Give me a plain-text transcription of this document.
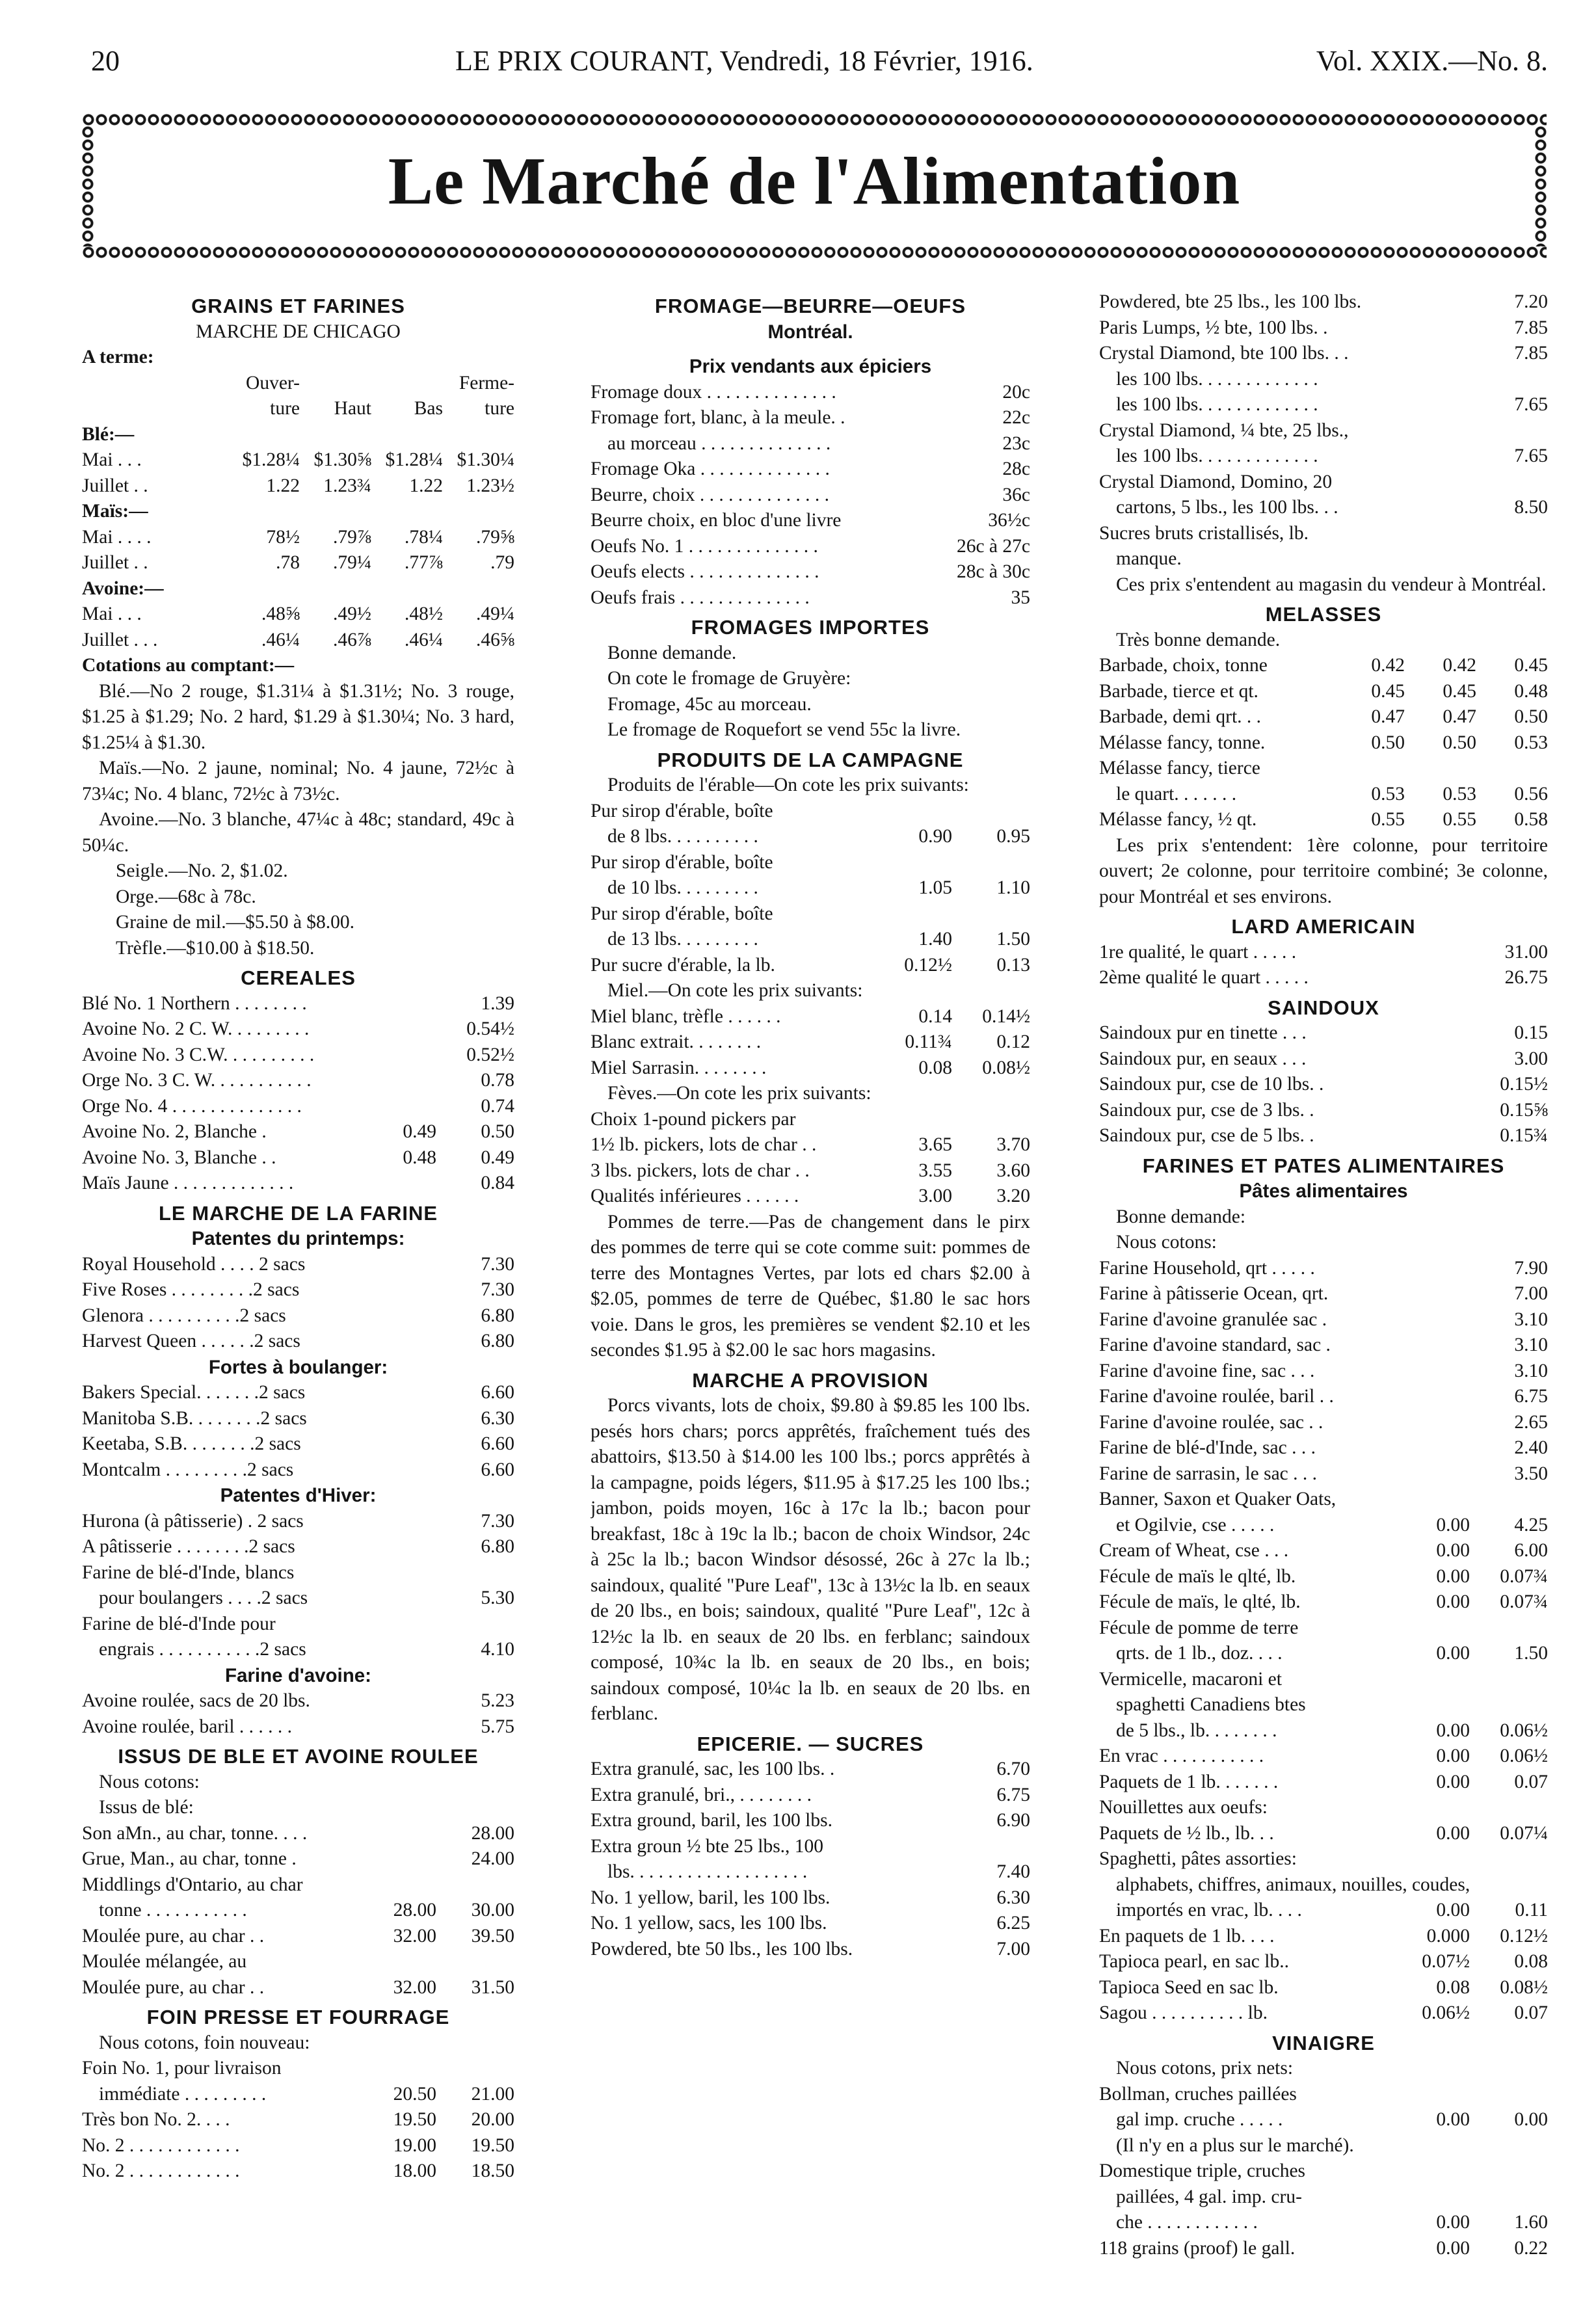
20	LE PRIX COURANT, Vendredi, 18 Février, 1916.	Vol. XXIX.—No. 8.
Le Marché de l'Alimentation
GRAINS ET FARINES
MARCHE DE CHICAGO
A terme:
Ouver-	Ferme-
ture	Haut	Bas	ture
Blé:—
Mai . . .	$1.28¼ $1.30⅝ $1.28¼ $1.30¼
Juillet . .	1.22	1.23¾	1.22	1.23½
Maïs:—
Mai . . . .	78½	.79⅞	.78¼	.79⅝
Juillet . .	.78	.79¼	.77⅞	.79
Avoine:—
Mai . . .	.48⅝	.49½	.48½	.49¼
Juillet . . .	.46¼	.46⅞	.46¼	.46⅝
Cotations au comptant:—
Blé.—No 2 rouge, $1.31¼ à $1.31½; No. 3 rouge, $1.25 à $1.29; No. 2 hard, $1.29 à $1.30¼; No. 3 hard, $1.25¼ à $1.30.
Maïs.—No. 2 jaune, nominal; No. 4 jaune, 72½c à 73¼c; No. 4 blanc, 72½c à 73½c.
Avoine.—No. 3 blanche, 47¼c à 48c; standard, 49c à 50¼c.
Seigle.—No. 2, $1.02.
Orge.—68c à 78c.
Graine de mil.—$5.50 à $8.00.
Trèfle.—$10.00 à $18.50.
CEREALES
Blé No. 1 Northern . . . . . . . .	1.39
Avoine No. 2 C. W. . . . . . . . .	0.54½
Avoine No. 3 C.W. . . . . . . . . .	0.52½
Orge No. 3 C. W. . . . . . . . . . .	0.78
Orge No. 4 . . . . . . . . . . . . . .	0.74
Avoine No. 2, Blanche .	0.49	0.50
Avoine No. 3, Blanche . .	0.48	0.49
Maïs Jaune . . . . . . . . . . . . .	0.84
LE MARCHE DE LA FARINE
Patentes du printemps:
Royal Household . . . . 2 sacs	7.30
Five Roses . . . . . . . . .2 sacs	7.30
Glenora . . . . . . . . . .2 sacs	6.80
Harvest Queen . . . . . .2 sacs	6.80
Fortes à boulanger:
Bakers Special. . . . . . .2 sacs	6.60
Manitoba S.B. . . . . . . .2 sacs	6.30
Keetaba, S.B. . . . . . . .2 sacs	6.60
Montcalm . . . . . . . . .2 sacs	6.60
Patentes d'Hiver:
Hurona (à pâtisserie) . 2 sacs	7.30
A pâtisserie . . . . . . . .2 sacs	6.80
Farine de blé-d'Inde, blancs
pour boulangers . . . .2 sacs	5.30
Farine de blé-d'Inde pour
engrais . . . . . . . . . . .2 sacs	4.10
Farine d'avoine:
Avoine roulée, sacs de 20 lbs.	5.23
Avoine roulée, baril . . . . . .	5.75
ISSUS DE BLE ET AVOINE ROULEE
Nous cotons:
Issus de blé:
Son aMn., au char, tonne. . . .	28.00
Grue, Man., au char, tonne .	24.00
Middlings d'Ontario, au char
tonne . . . . . . . . . . .	28.00	30.00
Moulée pure, au char . .	32.00	39.50
Moulée mélangée, au
Moulée pure, au char . .	32.00	31.50
FOIN PRESSE ET FOURRAGE
Nous cotons, foin nouveau:
Foin No. 1, pour livraison
immédiate . . . . . . . . .	20.50	21.00
Très bon No. 2. . . .	19.50	20.00
No. 2 . . . . . . . . . . . .	19.00	19.50
No. 2 . . . . . . . . . . . .	18.00	18.50
FROMAGE—BEURRE—OEUFS
Montréal.
Prix vendants aux épiciers
Fromage doux . . . . . . . . . . . . . .	20c
Fromage fort, blanc, à la meule. .	22c
au morceau . . . . . . . . . . . . . .	23c
Fromage Oka . . . . . . . . . . . . . .	28c
Beurre, choix . . . . . . . . . . . . . .	36c
Beurre choix, en bloc d'une livre	36½c
Oeufs No. 1 . . . . . . . . . . . . . .	26c à 27c
Oeufs elects . . . . . . . . . . . . . .	28c à 30c
Oeufs frais . . . . . . . . . . . . . .	35
FROMAGES IMPORTES
Bonne demande.
On cote le fromage de Gruyère:
Fromage, 45c au morceau.
Le fromage de Roquefort se vend 55c la livre.
PRODUITS DE LA CAMPAGNE
Produits de l'érable—On cote les prix suivants:
Pur sirop d'érable, boîte
de 8 lbs. . . . . . . . . .	0.90	0.95
Pur sirop d'érable, boîte
de 10 lbs. . . . . . . . .	1.05	1.10
Pur sirop d'érable, boîte
de 13 lbs. . . . . . . . .	1.40	1.50
Pur sucre d'érable, la lb.	0.12½	0.13
Miel.—On cote les prix suivants:
Miel blanc, trèfle . . . . . .	0.14	0.14½
Blanc extrait. . . . . . . .	0.11¾	0.12
Miel Sarrasin. . . . . . . .	0.08	0.08½
Fèves.—On cote les prix suivants:
Choix 1-pound pickers par
1½ lb. pickers, lots de char . .	3.65	3.70
3 lbs. pickers, lots de char . .	3.55	3.60
Qualités inférieures . . . . . .	3.00	3.20
Pommes de terre.—Pas de changement dans le pirx des pommes de terre qui se cote comme suit: pommes de terre des Montagnes Vertes, par lots ed chars $2.00 à $2.05, pommes de terre de Québec, $1.80 le sac hors voie. Dans le gros, les premières se vendent $2.10 et les secondes $1.95 à $2.00 le sac hors magasins.
MARCHE A PROVISION
Porcs vivants, lots de choix, $9.80 à $9.85 les 100 lbs. pesés hors chars; porcs apprêtés, fraîchement tués des abattoirs, $13.50 à $14.00 les 100 lbs.; porcs apprêtés à la campagne, poids légers, $11.95 à $17.25 les 100 lbs.; jambon, poids moyen, 16c à 17c la lb.; bacon pour breakfast, 18c à 19c la lb.; bacon de choix Windsor, 24c à 25c la lb.; bacon Windsor désossé, 26c à 27c la lb.; saindoux, qualité "Pure Leaf", 13c à 13½c la lb. en seaux de 20 lbs., en bois; saindoux, qualité "Pure Leaf", 12c à 12½c la lb. en seaux de 20 lbs. en ferblanc; saindoux composé, 10¾c la lb. en seaux de 20 lbs., en bois; saindoux composé, 10¼c la lb. en seaux de 20 lbs. en ferblanc.
EPICERIE. — SUCRES
Extra granulé, sac, les 100 lbs. .	6.70
Extra granulé, bri., . . . . . . . .	6.75
Extra ground, baril, les 100 lbs.	6.90
Extra groun ½ bte 25 lbs., 100
lbs. . . . . . . . . . . . . . . . . . .	7.40
No. 1 yellow, baril, les 100 lbs.	6.30
No. 1 yellow, sacs, les 100 lbs.	6.25
Powdered, bte 50 lbs., les 100 lbs.	7.00
Powdered, bte 25 lbs., les 100 lbs.	7.20
Paris Lumps, ½ bte, 100 lbs. .	7.85
Crystal Diamond, bte 100 lbs. . .	7.85
les 100 lbs. . . . . . . . . . . . .
les 100 lbs. . . . . . . . . . . . .	7.65
Crystal Diamond, ¼ bte, 25 lbs.,
les 100 lbs. . . . . . . . . . . . .	7.65
Crystal Diamond, Domino, 20
cartons, 5 lbs., les 100 lbs. . .	8.50
Sucres bruts cristallisés, lb.
manque.
Ces prix s'entendent au magasin du vendeur à Montréal.
MELASSES
Très bonne demande.
Barbade, choix, tonne	0.42	0.42	0.45
Barbade, tierce et qt.	0.45	0.45	0.48
Barbade, demi qrt. . .	0.47	0.47	0.50
Mélasse fancy, tonne.	0.50	0.50	0.53
Mélasse fancy, tierce
le quart. . . . . . .	0.53	0.53	0.56
Mélasse fancy, ½ qt.	0.55	0.55	0.58
Les prix s'entendent: 1ère colonne, pour territoire ouvert; 2e colonne, pour territoire combiné; 3e colonne, pour Montréal et ses environs.
LARD AMERICAIN
1re qualité, le quart . . . . .	31.00
2ème qualité le quart . . . . .	26.75
SAINDOUX
Saindoux pur en tinette . . .	0.15
Saindoux pur, en seaux . . .	3.00
Saindoux pur, cse de 10 lbs. .	0.15½
Saindoux pur, cse de 3 lbs. .	0.15⅝
Saindoux pur, cse de 5 lbs. .	0.15¾
FARINES ET PATES ALIMENTAIRES
Pâtes alimentaires
Bonne demande:
Nous cotons:
Farine Household, qrt . . . . .	7.90
Farine à pâtisserie Ocean, qrt.	7.00
Farine d'avoine granulée sac .	3.10
Farine d'avoine standard, sac .	3.10
Farine d'avoine fine, sac . . .	3.10
Farine d'avoine roulée, baril . .	6.75
Farine d'avoine roulée, sac . .	2.65
Farine de blé-d'Inde, sac . . .	2.40
Farine de sarrasin, le sac . . .	3.50
Banner, Saxon et Quaker Oats,
et Ogilvie, cse . . . . .	0.00	4.25
Cream of Wheat, cse . . .	0.00	6.00
Fécule de maïs le qlté, lb.	0.00	0.07¾
Fécule de maïs, le qlté, lb.	0.00	0.07¾
Fécule de pomme de terre
qrts. de 1 lb., doz. . . .	0.00	1.50
Vermicelle, macaroni et
spaghetti Canadiens btes
de 5 lbs., lb. . . . . . . .	0.00	0.06½
En vrac . . . . . . . . . . .	0.00	0.06½
Paquets de 1 lb. . . . . . .	0.00	0.07
Nouillettes aux oeufs:
Paquets de ½ lb., lb. . .	0.00	0.07¼
Spaghetti, pâtes assorties:
alphabets, chiffres, animaux, nouilles, coudes,
importés en vrac, lb. . . .	0.00	0.11
En paquets de 1 lb. . . .	0.000	0.12½
Tapioca pearl, en sac lb..	0.07½	0.08
Tapioca Seed en sac lb.	0.08	0.08½
Sagou . . . . . . . . . . lb.	0.06½	0.07
VINAIGRE
Nous cotons, prix nets:
Bollman, cruches paillées
gal imp. cruche . . . . .	0.00	0.00
(Il n'y en a plus sur le marché).
Domestique triple, cruches
paillées, 4 gal. imp. cru-
che . . . . . . . . . . . .	0.00	1.60
118 grains (proof) le gall.	0.00	0.22
